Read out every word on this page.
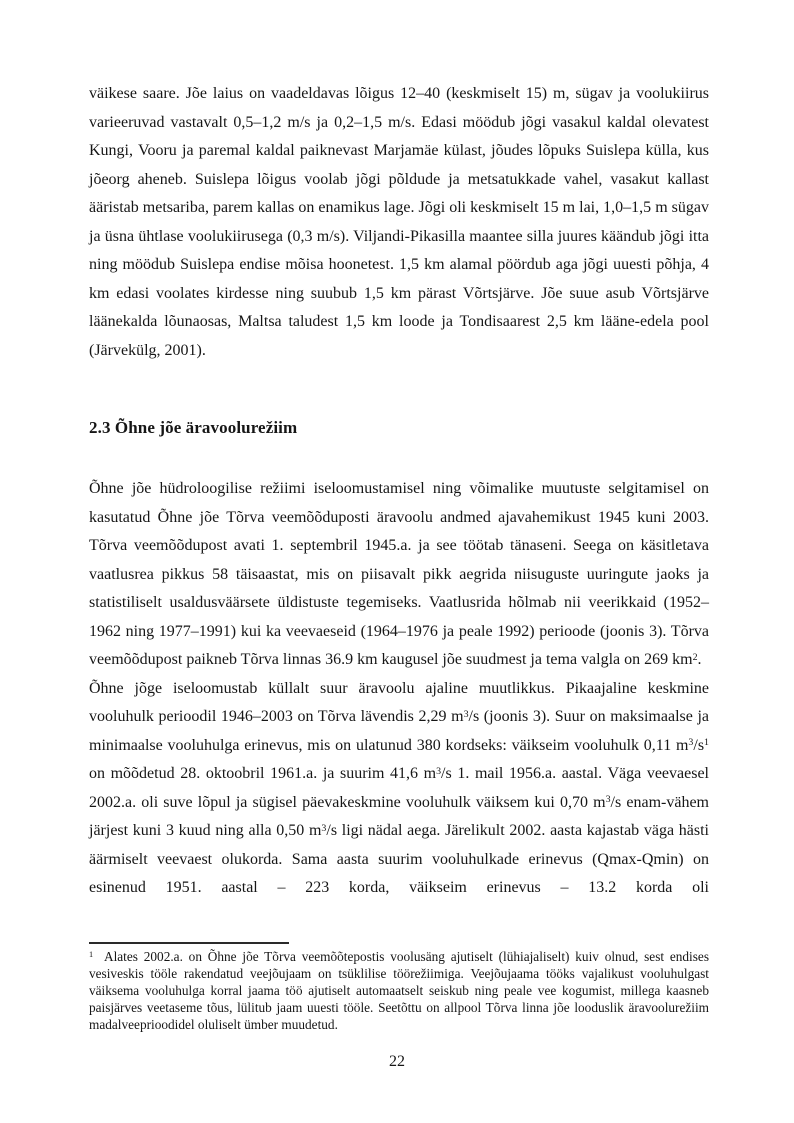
väikese saare. Jõe laius on vaadeldavas lõigus 12–40 (keskmiselt 15) m, sügav ja voolukiirus varieeruvad vastavalt 0,5–1,2 m/s ja 0,2–1,5 m/s. Edasi möödub jõgi vasakul kaldal olevatest Kungi, Vooru ja paremal kaldal paiknevast Marjamäe külast, jõudes lõpuks Suislepa külla, kus jõeorg aheneb. Suislepa lõigus voolab jõgi põldude ja metsatukkade vahel, vasakut kallast ääristab metsariba, parem kallas on enamikus lage. Jõgi oli keskmiselt 15 m lai, 1,0–1,5 m sügav ja üsna ühtlase voolukiirusega (0,3 m/s). Viljandi-Pikasilla maantee silla juures käändub jõgi itta ning möödub Suislepa endise mõisa hoonetest. 1,5 km alamal pöördub aga jõgi uuesti põhja, 4 km edasi voolates kirdesse ning suubub 1,5 km pärast Võrtsjärve. Jõe suue asub Võrtsjärve läänekalda lõunaosas, Maltsa taludest 1,5 km loode ja Tondisaarest 2,5 km lääne-edela pool (Järvekülg, 2001).

2.3 Õhne jõe äravoolurežiim

Õhne jõe hüdroloogilise režiimi iseloomustamisel ning võimalike muutuste selgitamisel on kasutatud Õhne jõe Tõrva veemõõduposti äravoolu andmed ajavahemikust 1945 kuni 2003. Tõrva veemõõdupost avati 1. septembril 1945.a. ja see töötab tänaseni. Seega on käsitletava vaatlusrea pikkus 58 täisaastat, mis on piisavalt pikk aegrida niisuguste uuringute jaoks ja statistiliselt usaldusväärsete üldistuste tegemiseks. Vaatlusrida hõlmab nii veerikkaid (1952–1962 ning 1977–1991) kui ka veevaeseid (1964–1976 ja peale 1992) perioode (joonis 3). Tõrva veemõõdupost paikneb Tõrva linnas 36.9 km kaugusel jõe suudmest ja tema valgla on 269 $km^2$.

Õhne jõge iseloomustab küllalt suur äravoolu ajaline muutlikkus. Pikaajaline keskmine vooluhulk perioodil 1946–2003 on Tõrva lävendis 2,29 $m^3/s$ (joonis 3). Suur on maksimaalse ja minimaalse vooluhulga erinevus, mis on ulatunud 380 kordseks: väikseim vooluhulk 0,11 $m^3/s^1$ on mõõdetud 28. oktoobril 1961.a. ja suurim 41,6 $m^3/s$ 1. mail 1956.a. aastal. Väga veevaesel 2002.a. oli suve lõpul ja sügisel päevakeskmine vooluhulk väiksem kui 0,70 $m^3/s$ enam-vähem järjest kuni 3 kuud ning alla 0,50 $m^3/s$ ligi nädal aega. Järelikult 2002. aasta kajastab väga hästi äärmiselt veevaest olukorda. Sama aasta suurim vooluhulkade erinevus (Qmax-Qmin) on esinenud 1951. aastal – 223 korda, väikseim erinevus – 13.2 korda oli

$^1$  Alates 2002.a. on Õhne jõe Tõrva veemõõtepostis voolusäng ajutiselt (lühiajaliselt) kuiv olnud, sest endises vesiveskis tööle rakendatud veejõujaam on tsüklilise töörežiimiga. Veejõujaama tööks vajalikust vooluhulgast väiksema vooluhulga korral jaama töö ajutiselt automaatselt seiskub ning peale vee kogumist, millega kaasneb paisjärves veetaseme tõus, lülitub jaam uuesti tööle. Seetõttu on allpool Tõrva linna jõe looduslik äravoolurežiim madalveeprioodidel oluliselt ümber muudetud.

22
